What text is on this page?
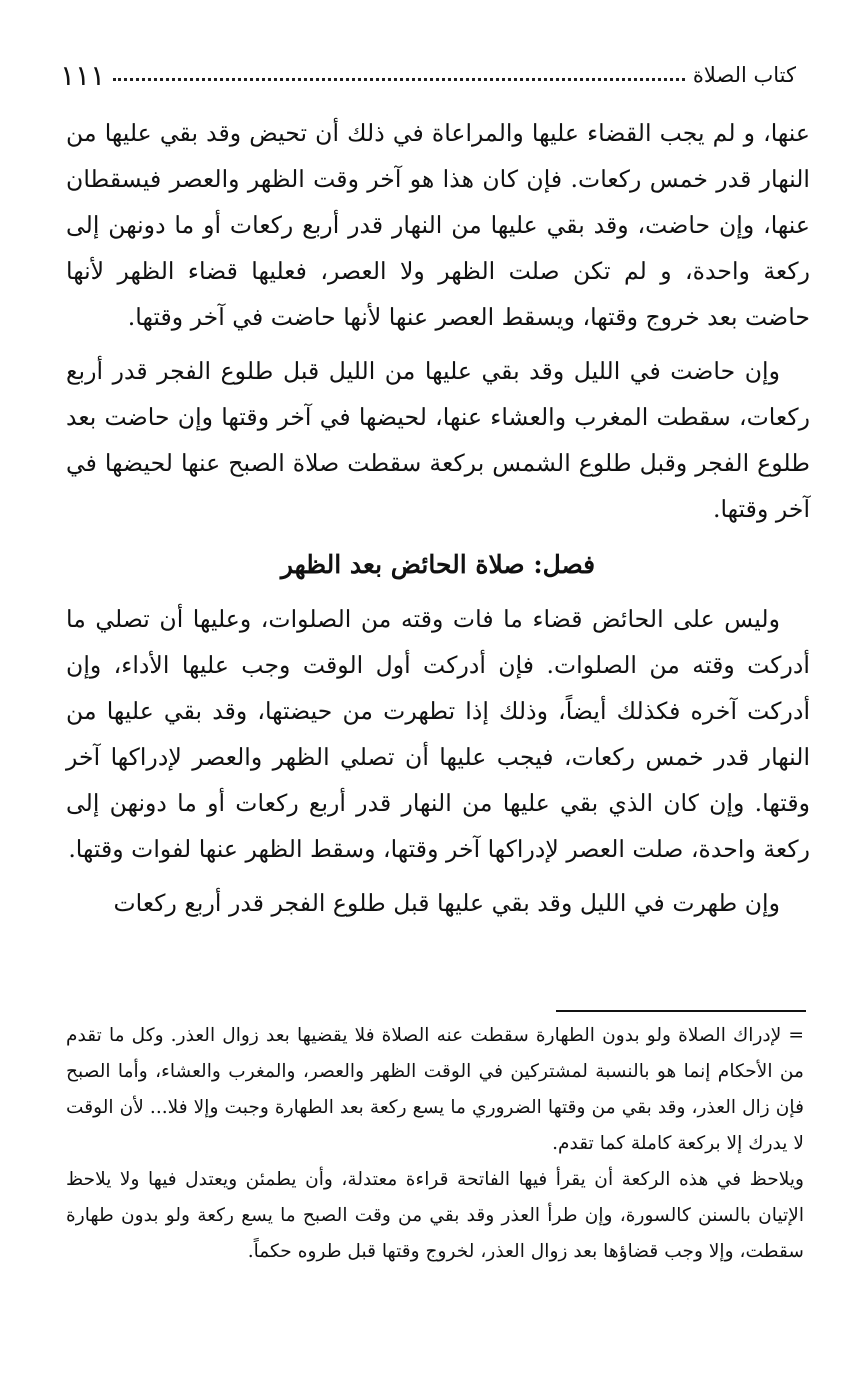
١١١	كتاب الصلاة

عنها، و لم يجب القضاء عليها والمراعاة في ذلك أن تحيض وقد بقي عليها من النهار قدر خمس ركعات. فإن كان هذا هو آخر وقت الظهر والعصر فيسقطان عنها، وإن حاضت، وقد بقي عليها من النهار قدر أربع ركعات أو ما دونهن إلى ركعة واحدة، و لم تكن صلت الظهر ولا العصر، فعليها قضاء الظهر لأنها حاضت بعد خروج وقتها، ويسقط العصر عنها لأنها حاضت في آخر وقتها.

وإن حاضت في الليل وقد بقي عليها من الليل قبل طلوع الفجر قدر أربع ركعات، سقطت المغرب والعشاء عنها، لحيضها في آخر وقتها وإن حاضت بعد طلوع الفجر وقبل طلوع الشمس بركعة سقطت صلاة الصبح عنها لحيضها في آخر وقتها.

فصل: صلاة الحائض بعد الظهر

وليس على الحائض قضاء ما فات وقته من الصلوات، وعليها أن تصلي ما أدركت وقته من الصلوات. فإن أدركت أول الوقت وجب عليها الأداء، وإن أدركت آخره فكذلك أيضاً، وذلك إذا تطهرت من حيضتها، وقد بقي عليها من النهار قدر خمس ركعات، فيجب عليها أن تصلي الظهر والعصر لإدراكها آخر وقتها. وإن كان الذي بقي عليها من النهار قدر أربع ركعات أو ما دونهن إلى ركعة واحدة، صلت العصر لإدراكها آخر وقتها، وسقط الظهر عنها لفوات وقتها.

وإن طهرت في الليل وقد بقي عليها قبل طلوع الفجر قدر أربع ركعات

= لإدراك الصلاة ولو بدون الطهارة سقطت عنه الصلاة فلا يقضيها بعد زوال العذر. وكل ما تقدم من الأحكام إنما هو بالنسبة لمشتركين في الوقت الظهر والعصر، والمغرب والعشاء، وأما الصبح فإن زال العذر، وقد بقي من وقتها الضروري ما يسع ركعة بعد الطهارة وجبت وإلا فلا... لأن الوقت لا يدرك إلا بركعة كاملة كما تقدم.

ويلاحظ في هذه الركعة أن يقرأ فيها الفاتحة قراءة معتدلة، وأن يطمئن ويعتدل فيها ولا يلاحظ الإتيان بالسنن كالسورة، وإن طرأ العذر وقد بقي من وقت الصبح ما يسع ركعة ولو بدون طهارة سقطت، وإلا وجب قضاؤها بعد زوال العذر، لخروج وقتها قبل طروه حكماً.
